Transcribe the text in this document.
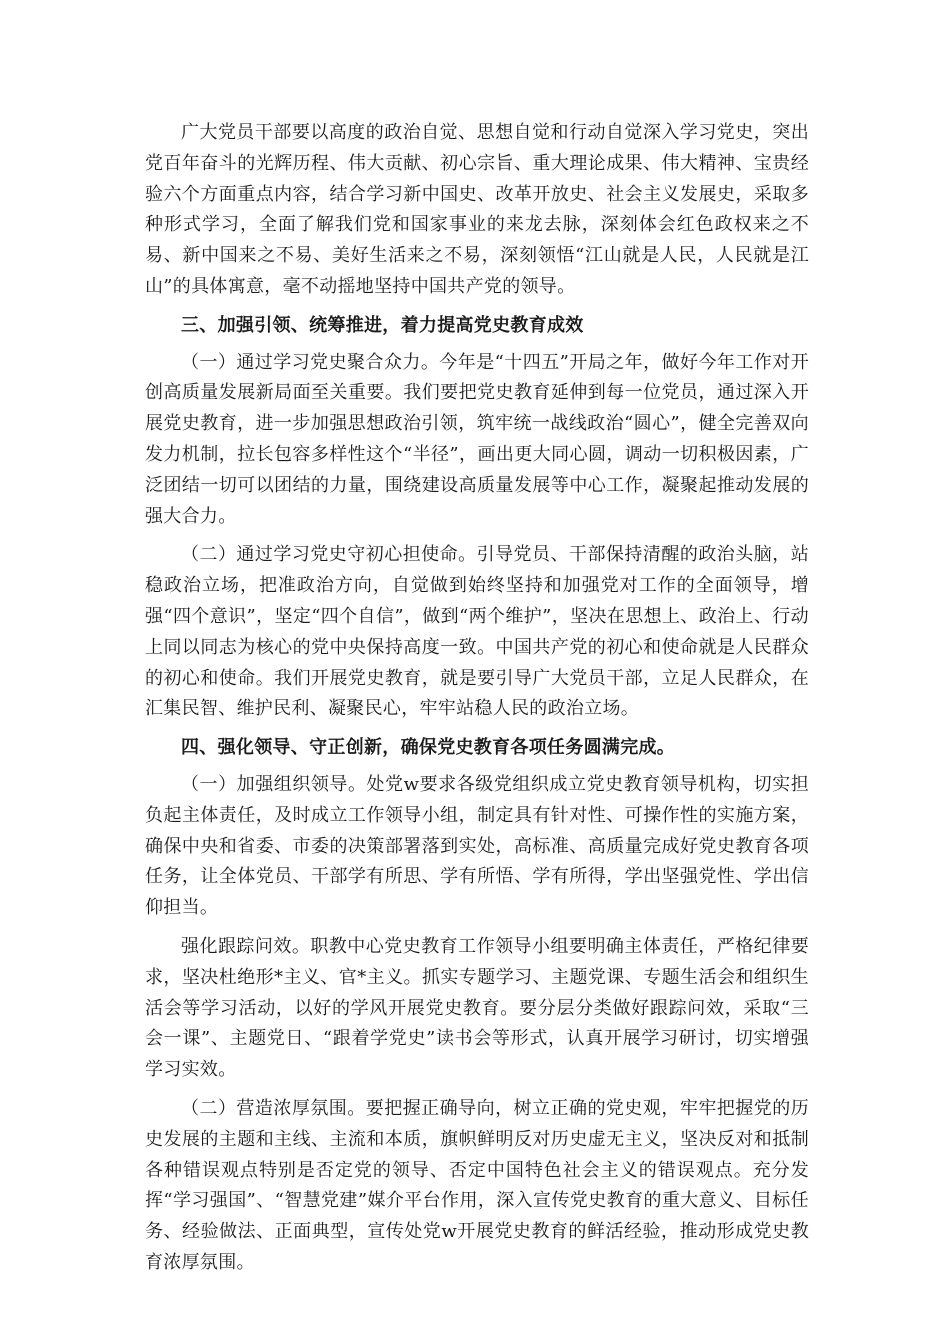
广大党员干部要以高度的政治自觉、思想自觉和行动自觉深入学习党史，突出党百年奋斗的光辉历程、伟大贡献、初心宗旨、重大理论成果、伟大精神、宝贵经验六个方面重点内容，结合学习新中国史、改革开放史、社会主义发展史，采取多种形式学习，全面了解我们党和国家事业的来龙去脉，深刻体会红色政权来之不易、新中国来之不易、美好生活来之不易，深刻领悟“江山就是人民，人民就是江山”的具体寓意，毫不动摇地坚持中国共产党的领导。

三、加强引领、统筹推进，着力提高党史教育成效

（一）通过学习党史聚合众力。今年是“十四五”开局之年，做好今年工作对开创高质量发展新局面至关重要。我们要把党史教育延伸到每一位党员，通过深入开展党史教育，进一步加强思想政治引领，筑牢统一战线政治“圆心”，健全完善双向发力机制，拉长包容多样性这个“半径”，画出更大同心圆，调动一切积极因素，广泛团结一切可以团结的力量，围绕建设高质量发展等中心工作，凝聚起推动发展的强大合力。

（二）通过学习党史守初心担使命。引导党员、干部保持清醒的政治头脑，站稳政治立场，把准政治方向，自觉做到始终坚持和加强党对工作的全面领导，增强“四个意识”，坚定“四个自信”，做到“两个维护”，坚决在思想上、政治上、行动上同以同志为核心的党中央保持高度一致。中国共产党的初心和使命就是人民群众的初心和使命。我们开展党史教育，就是要引导广大党员干部，立足人民群众，在汇集民智、维护民利、凝聚民心，牢牢站稳人民的政治立场。

四、强化领导、守正创新，确保党史教育各项任务圆满完成。

（一）加强组织领导。处党w要求各级党组织成立党史教育领导机构，切实担负起主体责任，及时成立工作领导小组，制定具有针对性、可操作性的实施方案，确保中央和省委、市委的决策部署落到实处，高标准、高质量完成好党史教育各项任务，让全体党员、干部学有所思、学有所悟、学有所得，学出坚强党性、学出信仰担当。

强化跟踪问效。职教中心党史教育工作领导小组要明确主体责任，严格纪律要求，坚决杜绝形*主义、官*主义。抓实专题学习、主题党课、专题生活会和组织生活会等学习活动，以好的学风开展党史教育。要分层分类做好跟踪问效，采取“三会一课”、主题党日、“跟着学党史”读书会等形式，认真开展学习研讨，切实增强学习实效。

（二）营造浓厚氛围。要把握正确导向，树立正确的党史观，牢牢把握党的历史发展的主题和主线、主流和本质，旗帜鲜明反对历史虚无主义，坚决反对和抵制各种错误观点特别是否定党的领导、否定中国特色社会主义的错误观点。充分发挥“学习强国”、“智慧党建”媒介平台作用，深入宣传党史教育的重大意义、目标任务、经验做法、正面典型，宣传处党w开展党史教育的鲜活经验，推动形成党史教育浓厚氛围。
